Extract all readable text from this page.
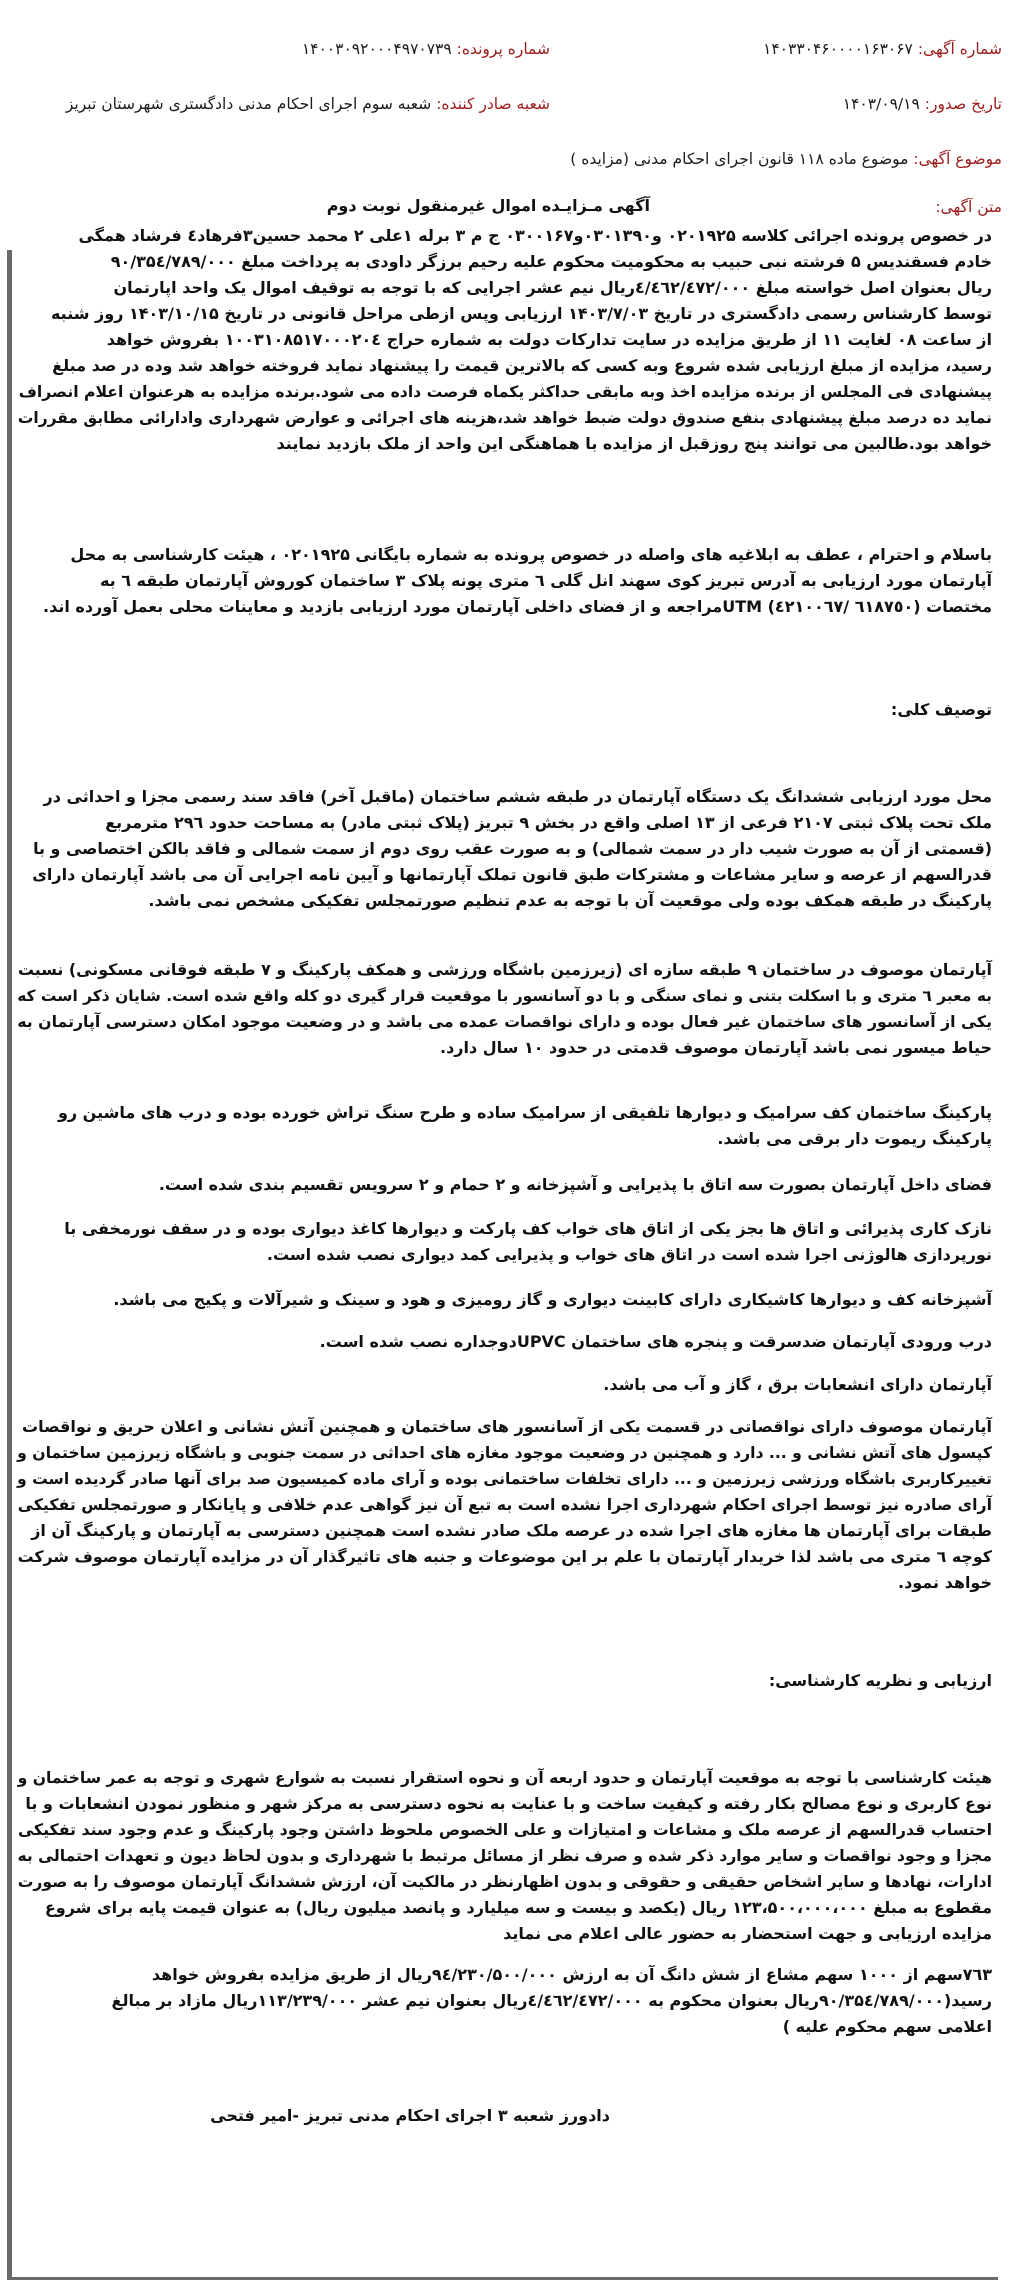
شماره آگهی: ۱۴۰۳۳۰۴۶۰۰۰۰۱۶۳۰۶۷
شماره پرونده: ۱۴۰۰۳۰۹۲۰۰۰۴۹۷۰۷۳۹
تاریخ صدور: ۱۴۰۳/۰۹/۱۹
شعبه صادر کننده: شعبه سوم اجرای احکام مدنی دادگستری شهرستان تبریز
موضوع آگهی: موضوع ماده ۱۱۸ قانون اجرای احکام مدنی (مزایده )
متن آگهی:
آگهی مـزایـده اموال غیرمنقول نوبت دوم
در خصوص پرونده اجرائی کلاسه ۰۲۰۱۹۲۵ و۰۳۰۱۳۹۰و۰۳۰۰۱۶۷ ج م ۳ برله ۱علی ۲ محمد حسین۳فرهاد٤ فرشاد همگی
خادم فسقندیس ۵ فرشته نبی حبیب به محکومیت محکوم علیه رحیم برزگر داودی به پرداخت مبلغ ۹۰/۳۵٤/۷۸۹/۰۰۰
ریال بعنوان اصل خواسته مبلغ ٤/٤٦٢/٤٧٢/۰۰۰ریال نیم عشر اجرایی که با توجه به توقیف اموال یک واحد اپارتمان
توسط کارشناس رسمی دادگستری در تاریخ ۱۴۰۳/۷/۰۳ ارزیابی وپس ازطی مراحل قانونی در تاریخ ۱۴۰۳/۱۰/۱۵ روز شنبه
از ساعت ۰۸ لغایت ۱۱ از طریق مزایده در سایت تدارکات دولت به شماره حراج ۱۰۰۳۱۰۸۵۱۷۰۰۰۲۰٤ بفروش خواهد
رسید، مزایده از مبلغ ارزیابی شده شروع وبه کسی که بالاترین قیمت را پیشنهاد نماید فروخته خواهد شد وده در صد مبلغ
پیشنهادی فی المجلس از برنده مزایده اخذ وبه مابقی حداکثر یکماه فرصت داده می شود.برنده مزایده به هرعنوان اعلام انصراف
نماید ده درصد مبلغ پیشنهادی بنفع صندوق دولت ضبط خواهد شد،هزینه های اجرائی و عوارض شهرداری وادارائی مطابق مقررات
خواهد بود.طالبین می توانند پنج روزقبل از مزایده با هماهنگی این واحد از ملک بازدید نمایند
باسلام و احترام ، عطف به ابلاغیه های واصله در خصوص پرونده به شماره بایگانی ۰۲۰۱۹۲۵ ، هیئت کارشناسی به محل
آپارتمان مورد ارزیابی به آدرس تبریز کوی سهند انل گلی ٦ متری پونه پلاک ۳ ساختمان کوروش آپارتمان طبقه ٦ به
مختصات (٦١٨٧٥٠ /٤٢١٠٠٦٧) UTMمراجعه و از فضای داخلی آپارتمان مورد ارزیابی بازدید و معاینات محلی بعمل آورده اند.
توصیف کلی:
محل مورد ارزیابی ششدانگ یک دستگاه آپارتمان در طبقه ششم ساختمان (ماقبل آخر) فاقد سند رسمی مجزا و احداثی در
ملک تحت پلاک ثبتی ۲۱۰۷ فرعی از ۱۳ اصلی واقع در بخش ۹ تبریز (پلاک ثبتی مادر) به مساحت حدود ۲۹٦ مترمربع
(قسمتی از آن به صورت شیب دار در سمت شمالی) و به صورت عقب روی دوم از سمت شمالی و فاقد بالکن اختصاصی و با
قدرالسهم از عرصه و سایر مشاعات و مشترکات طبق قانون تملک آپارتمانها و آیین نامه اجرایی آن می باشد آپارتمان دارای
پارکینگ در طبقه همکف بوده ولی موقعیت آن با توجه به عدم تنظیم صورتمجلس تفکیکی مشخص نمی باشد.
آپارتمان موصوف در ساختمان ۹ طبقه سازه ای (زیرزمین باشگاه ورزشی و همکف پارکینگ و ۷ طبقه فوقانی مسکونی) نسبت
به معبر ٦ متری و با اسکلت بتنی و نمای سنگی و با دو آسانسور با موقعیت قرار گیری دو کله واقع شده است. شایان ذکر است که
یکی از آسانسور های ساختمان غیر فعال بوده و دارای نواقصات عمده می باشد و در وضعیت موجود امکان دسترسی آپارتمان به
حیاط میسور نمی باشد آپارتمان موصوف قدمتی در حدود ۱۰ سال دارد.
پارکینگ ساختمان کف سرامیک و دیوارها تلفیقی از سرامیک ساده و طرح سنگ تراش خورده بوده و درب های ماشین رو
پارکینگ ریموت دار برقی می باشد.
فضای داخل آپارتمان بصورت سه اتاق با پذیرایی و آشپزخانه و ۲ حمام و ۲ سرویس تقسیم بندی شده است.
نازک کاری پذیرائی و اتاق ها بجز یکی از اتاق های خواب کف پارکت و دیوارها کاغذ دیواری بوده و در سقف نورمخفی با
نورپردازی هالوژنی اجرا شده است در اتاق های خواب و پذیرایی کمد دیواری نصب شده است.
آشپزخانه کف و دیوارها کاشیکاری دارای کابینت دیواری و گاز رومیزی و هود و سینک و شیرآلات و پکیج می باشد.
درب ورودی آپارتمان ضدسرقت و پنجره های ساختمان UPVCدوجداره نصب شده است.
آپارتمان دارای انشعابات برق ، گاز و آب می باشد.
آپارتمان موصوف دارای نواقصاتی در قسمت یکی از آسانسور های ساختمان و همچنین آتش نشانی و اعلان حریق و نواقصات
کپسول های آتش نشانی و ... دارد و همچنین در وضعیت موجود مغازه های احداثی در سمت جنوبی و باشگاه زیرزمین ساختمان و
تغییرکاربری باشگاه ورزشی زیرزمین و ... دارای تخلفات ساختمانی بوده و آرای ماده کمیسیون صد برای آنها صادر گردیده است و
آرای صادره نیز توسط اجرای احکام شهرداری اجرا نشده است به تبع آن نیز گواهی عدم خلافی و پایانکار و صورتمجلس تفکیکی
طبقات برای آپارتمان ها مغازه های اجرا شده در عرصه ملک صادر نشده است همچنین دسترسی به آپارتمان و پارکینگ آن از
کوچه ٦ متری می باشد لذا خریدار آپارتمان با علم بر این موضوعات و جنبه های تاثیرگذار آن در مزایده آپارتمان موصوف شرکت
خواهد نمود.
ارزیابی و نظریه کارشناسی:
هیئت کارشناسی با توجه به موقعیت آپارتمان و حدود اربعه آن و نحوه استقرار نسبت به شوارع شهری و توجه به عمر ساختمان و
نوع کاربری و نوع مصالح بکار رفته و کیفیت ساخت و با عنایت به نحوه دسترسی به مرکز شهر و منظور نمودن انشعابات و با
احتساب قدرالسهم از عرصه ملک و مشاعات و امتیازات و علی الخصوص ملحوظ داشتن وجود پارکینگ و عدم وجود سند تفکیکی
مجزا و وجود نواقصات و سایر موارد ذکر شده و صرف نظر از مسائل مرتبط با شهرداری و بدون لحاظ دیون و تعهدات احتمالی به
ادارات، نهادها و سایر اشخاص حقیقی و حقوقی و بدون اظهارنظر در مالکیت آن، ارزش ششدانگ آپارتمان موصوف را به صورت
مقطوع به مبلغ ۱۲۳،۵۰۰،۰۰۰،۰۰۰ ریال (یکصد و بیست و سه میلیارد و پانصد میلیون ریال) به عنوان قیمت پایه برای شروع
مزایده ارزیابی و جهت استحضار به حضور عالی اعلام می نماید
۷٦۳سهم از ۱۰۰۰ سهم مشاع از شش دانگ آن به ارزش ۹٤/۲۳۰/۵۰۰/۰۰۰ریال از طریق مزایده بفروش خواهد
رسید(۹۰/۳۵٤/۷۸۹/۰۰۰ریال بعنوان محکوم به ٤/٤٦٢/٤٧٢/۰۰۰ریال بعنوان نیم عشر ۱۱۳/۲۳۹/۰۰۰ریال مازاد بر مبالغ
اعلامی سهم محکوم علیه )
دادورز شعبه ۳ اجرای احکام مدنی تبریز -امیر فتحی
